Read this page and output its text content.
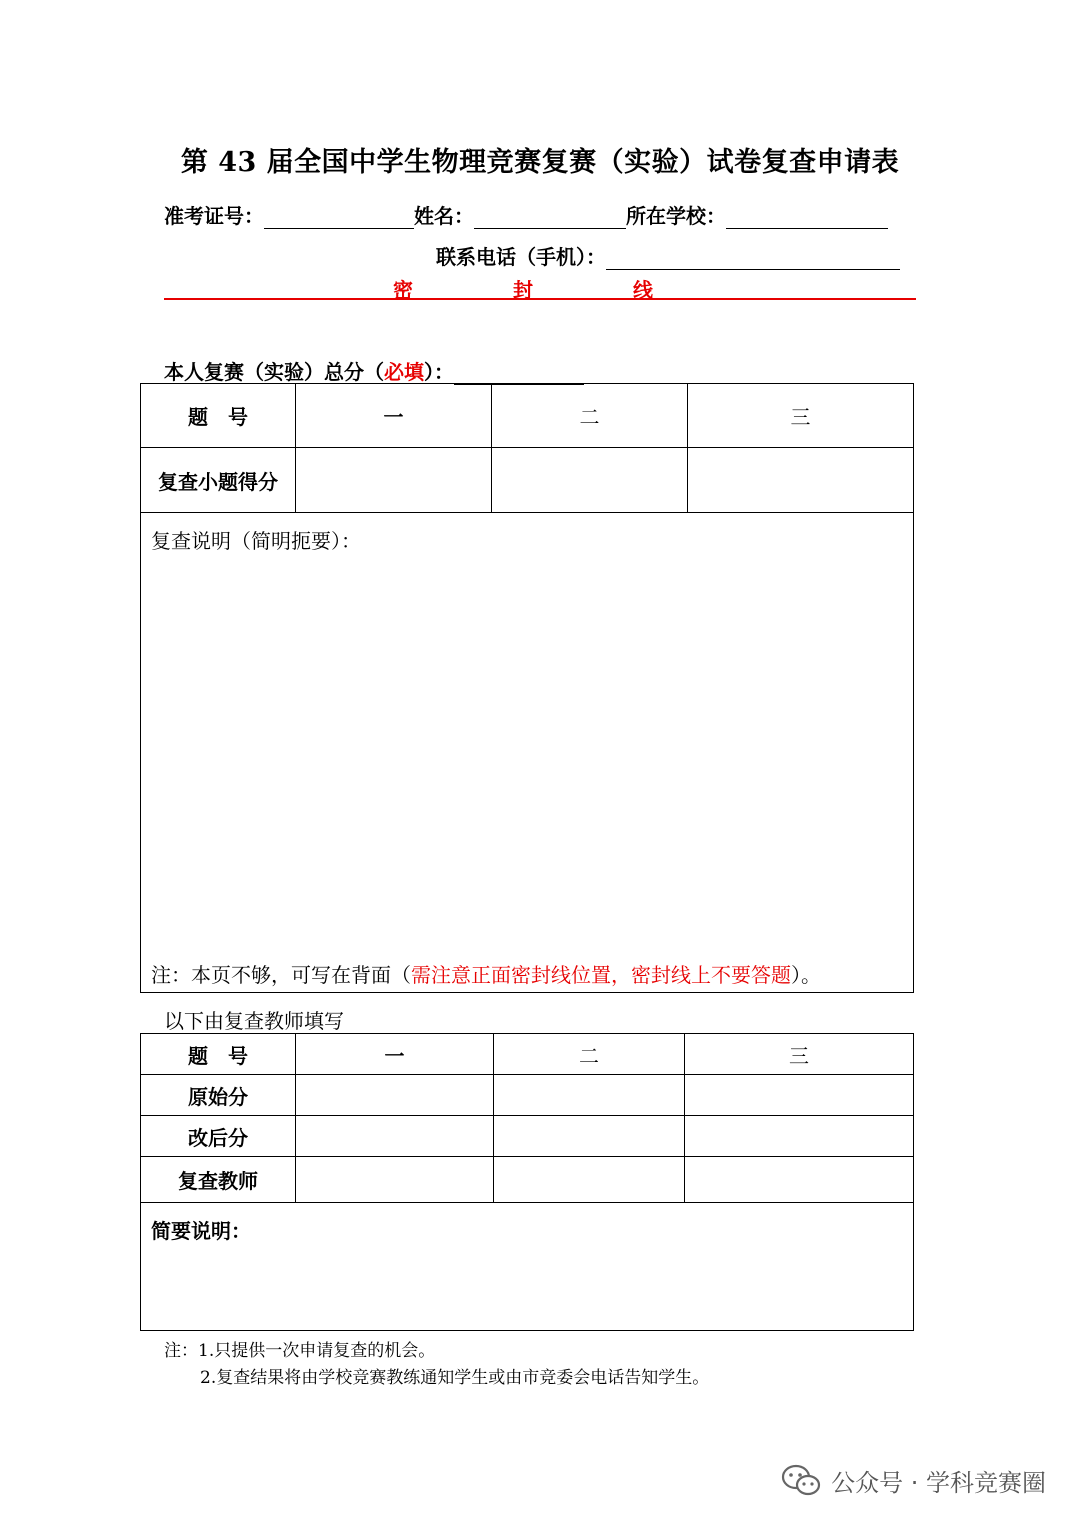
第 43 届全国中学生物理竞赛复赛（实验）试卷复查申请表
准考证号：	姓名：	所在学校：
联系电话（手机）：
密	封	线
本人复赛（实验）总分（必填）：
题　号	一	二	三
复查小题得分			

复查说明（简明扼要）：
注：本页不够，可写在背面（需注意正面密封线位置，密封线上不要答题）。			
以下由复查教师填写
题　号	一	二	三
原始分			
改后分			
复查教师			

简要说明：			
注：1.只提供一次申请复查的机会。
2.复查结果将由学校竞赛教练通知学生或由市竞委会电话告知学生。
公众号 · 学科竞赛圈
